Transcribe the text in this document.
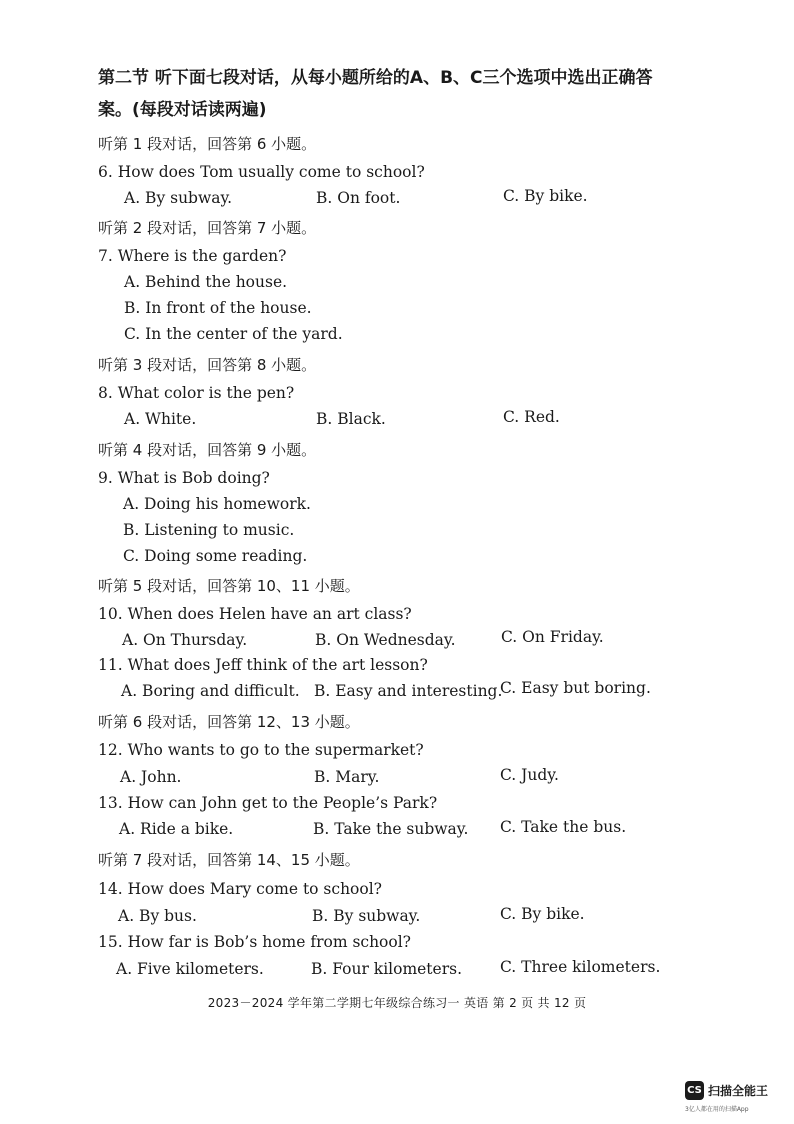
第二节 听下面七段对话，从每小题所给的A、B、C三个选项中选出正确答
案。(每段对话读两遍)
听第 1 段对话，回答第 6 小题。
6. How does Tom usually come to school?
A. By subway.	B. On foot.	C. By bike.
听第 2 段对话，回答第 7 小题。
7. Where is the garden?
A. Behind the house.
B. In front of the house.
C. In the center of the yard.
听第 3 段对话，回答第 8 小题。
8. What color is the pen?
A. White.	B. Black.	C. Red.
听第 4 段对话，回答第 9 小题。
9. What is Bob doing?
A. Doing his homework.
B. Listening to music.
C. Doing some reading.
听第 5 段对话，回答第 10、11 小题。
10. When does Helen have an art class?
A. On Thursday.	B. On Wednesday.	C. On Friday.
11. What does Jeff think of the art lesson?
A. Boring and difficult. B. Easy and interesting.
C. Easy but boring.
听第 6 段对话，回答第 12、13 小题。
12. Who wants to go to the supermarket?
A. John.	B. Mary.	C. Judy.
13. How can John get to the People’s Park?
A. Ride a bike.	B. Take the subway. C. Take the bus.
听第 7 段对话，回答第 14、15 小题。
14. How does Mary come to school?
A. By bus.	B. By subway.	C. By bike.
15. How far is Bob’s home from school?
A. Five kilometers.	B. Four kilometers. C. Three kilometers.
2023－2024 学年第二学期七年级综合练习一 英语 第 2 页 共 12 页
CS 扫描全能王
3亿人都在用的扫描App
